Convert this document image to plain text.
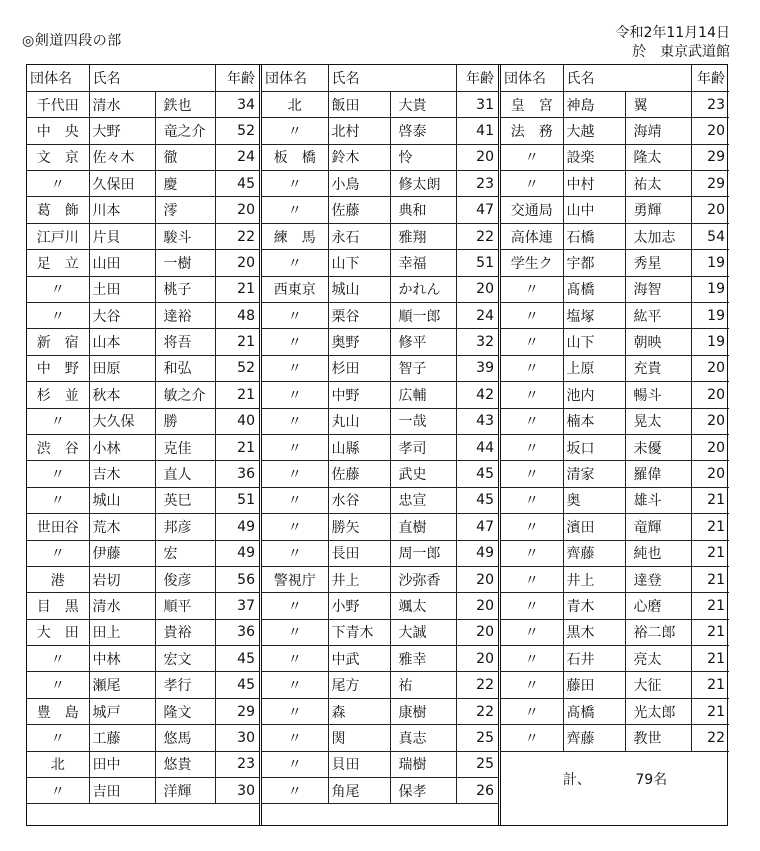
◎剣道四段の部	令和2年11月14日
於　東京武道館
団体名	氏名		年齢
千代田	清水	鉄也	34
中　央	大野	竜之介	52
文　京	佐々木	徹	24
〃	久保田	慶	45
葛　飾	川本	澪	20
江戸川	片貝	駿斗	22
足　立	山田	一樹	20
〃	土田	桃子	21
〃	大谷	達裕	48
新　宿	山本	将吾	21
中　野	田原	和弘	52
杉　並	秋本	敏之介	21
〃	大久保	勝	40
渋　谷	小林	克佳	21
〃	吉木	直人	36
〃	城山	英巳	51
世田谷	荒木	邦彦	49
〃	伊藤	宏	49
港	岩切	俊彦	56
目　黒	清水	順平	37
大　田	田上	貴裕	36
〃	中林	宏文	45
〃	瀬尾	孝行	45
豊　島	城戸	隆文	29
〃	工藤	悠馬	30
北	田中	悠貴	23
〃	吉田	洋輝	30
団体名	氏名		年齢
北	飯田	大貴	31
〃	北村	啓泰	41
板　橋	鈴木	怜	20
〃	小鳥	修太朗	23
〃	佐藤	典和	47
練　馬	永石	雅翔	22
〃	山下	幸福	51
西東京	城山	かれん	20
〃	栗谷	順一郎	24
〃	奥野	修平	32
〃	杉田	智子	39
〃	中野	広輔	42
〃	丸山	一哉	43
〃	山縣	孝司	44
〃	佐藤	武史	45
〃	水谷	忠宣	45
〃	勝矢	直樹	47
〃	長田	周一郎	49
警視庁	井上	沙弥香	20
〃	小野	颯太	20
〃	下青木	大誠	20
〃	中武	雅幸	20
〃	尾方	祐	22
〃	森	康樹	22
〃	関	真志	25
〃	貝田	瑞樹	25
〃	角尾	保孝	26
団体名	氏名		年齢
皇　宮	神島	翼	23
法　務	大越	海靖	20
〃	設楽	隆太	29
〃	中村	祐太	29
交通局	山中	勇輝	20
高体連	石橋	太加志	54
学生ク	宇都	秀星	19
〃	髙橋	海智	19
〃	塩塚	紘平	19
〃	山下	朝映	19
〃	上原	充貴	20
〃	池内	暢斗	20
〃	楠本	晃太	20
〃	坂口	未優	20
〃	清家	羅偉	20
〃	奥	雄斗	21
〃	濱田	竜輝	21
〃	齊藤	純也	21
〃	井上	達登	21
〃	青木	心磨	21
〃	黒木	裕二郎	21
〃	石井	亮太	21
〃	藤田	大征	21
〃	髙橋	光太郎	21
〃	齊藤	教世	22
計、 79名			
